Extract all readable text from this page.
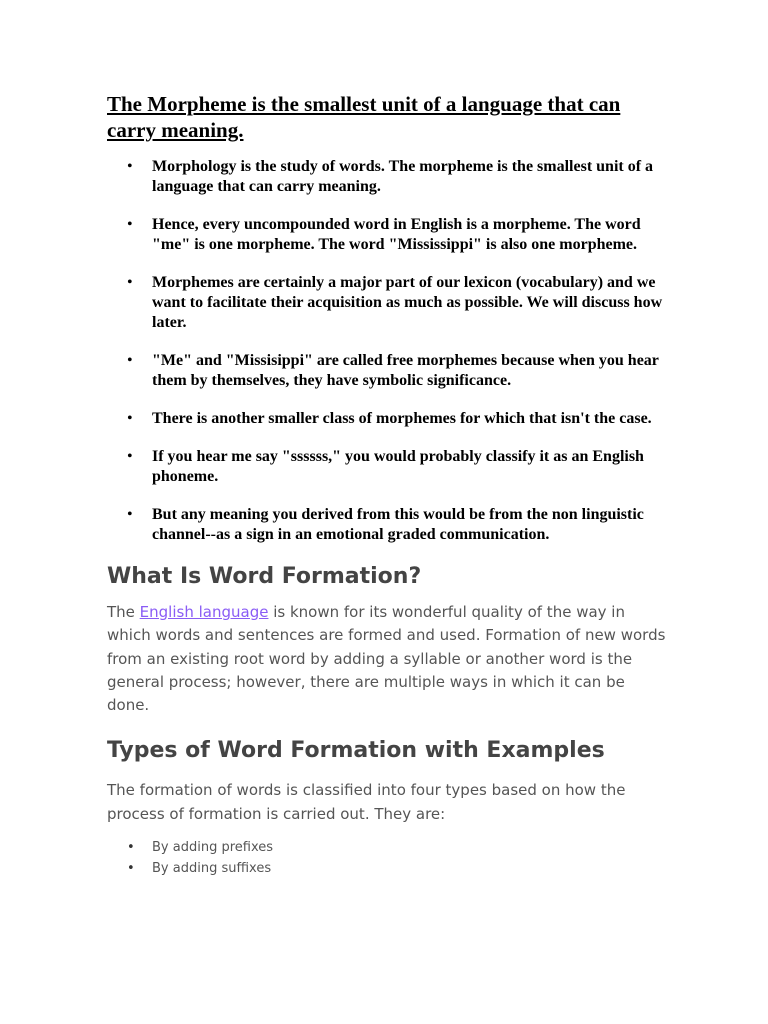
The Morpheme is the smallest unit of a language that can carry meaning.
• Morphology is the study of words. The morpheme is the smallest unit of a language that can carry meaning.
• Hence, every uncompounded word in English is a morpheme. The word "me" is one morpheme. The word "Mississippi" is also one morpheme.
• Morphemes are certainly a major part of our lexicon (vocabulary) and we want to facilitate their acquisition as much as possible. We will discuss how later.
• "Me" and "Missisippi" are called free morphemes because when you hear them by themselves, they have symbolic significance.
• There is another smaller class of morphemes for which that isn't the case.
• If you hear me say "ssssss," you would probably classify it as an English phoneme.
• But any meaning you derived from this would be from the non linguistic channel--as a sign in an emotional graded communication.
What Is Word Formation?

The English language is known for its wonderful quality of the way in which words and sentences are formed and used. Formation of new words from an existing root word by adding a syllable or another word is the general process; however, there are multiple ways in which it can be done.

Types of Word Formation with Examples

The formation of words is classified into four types based on how the process of formation is carried out. They are:

• By adding prefixes
• By adding suffixes
